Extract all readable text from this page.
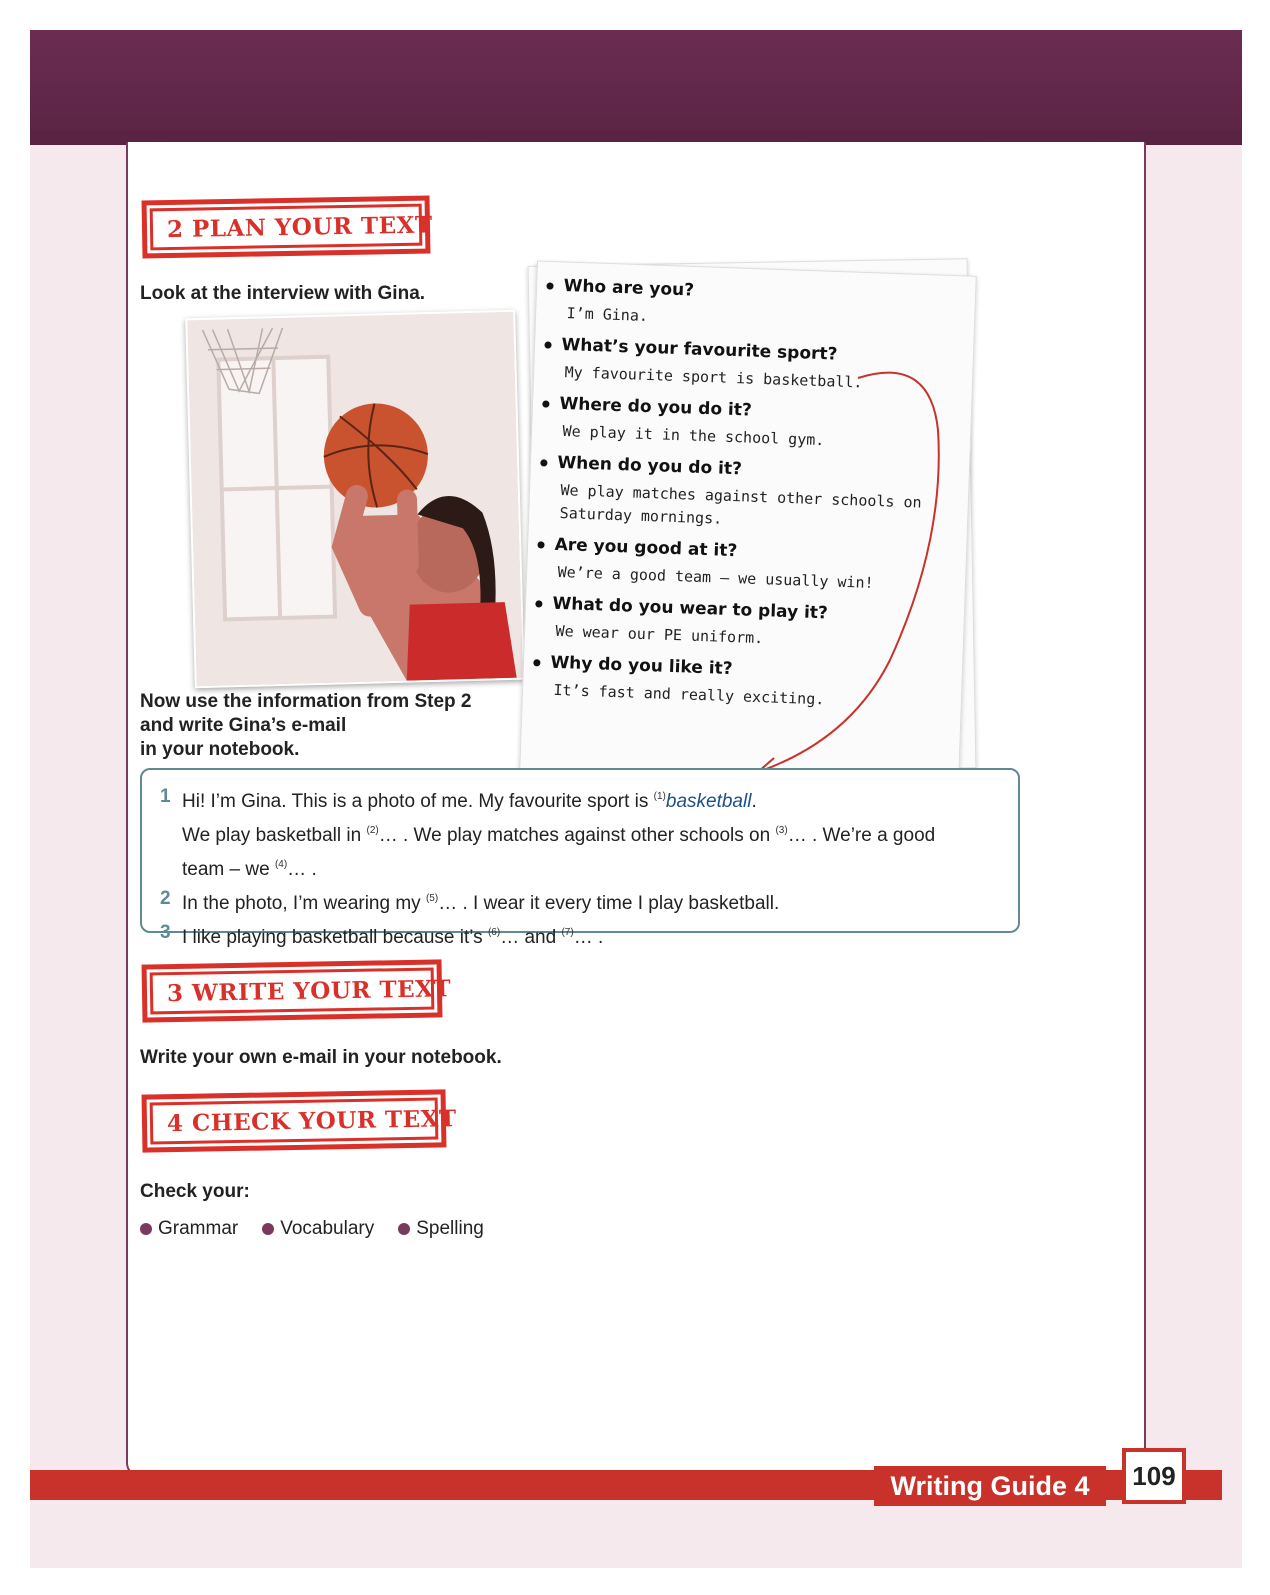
2 PLAN YOUR TEXT
Look at the interview with Gina.
•	Who are you?
I’m Gina.
• What’s your favourite sport?
My favourite sport is basketball.
• Where do you do it?
We play it in the school gym.
• When do you do it?
We play matches against other schools on Saturday mornings.
• Are you good at it?
We’re a good team – we usually win!
• What do you wear to play it?
We wear our PE uniform.
• Why do you like it?
It’s fast and really exciting.
Now use the information from Step 2
and write Gina’s e-mail
in your notebook.
1 Hi! I’m Gina. This is a photo of me. My favourite sport is $^{(1)}$basketball.
We play basketball in $^{(2)}$… . We play matches against other schools on $^{(3)}$… . We’re a good
team – we $^{(4)}$… .
2 In the photo, I’m wearing my $^{(5)}$… . I wear it every time I play basketball.
3 I like playing basketball because it’s $^{(6)}$… and $^{(7)}$… .
3 WRITE YOUR TEXT
Write your own e-mail in your notebook.
4 CHECK YOUR TEXT
Check your:
Grammar Vocabulary Spelling
Writing Guide 4	109
